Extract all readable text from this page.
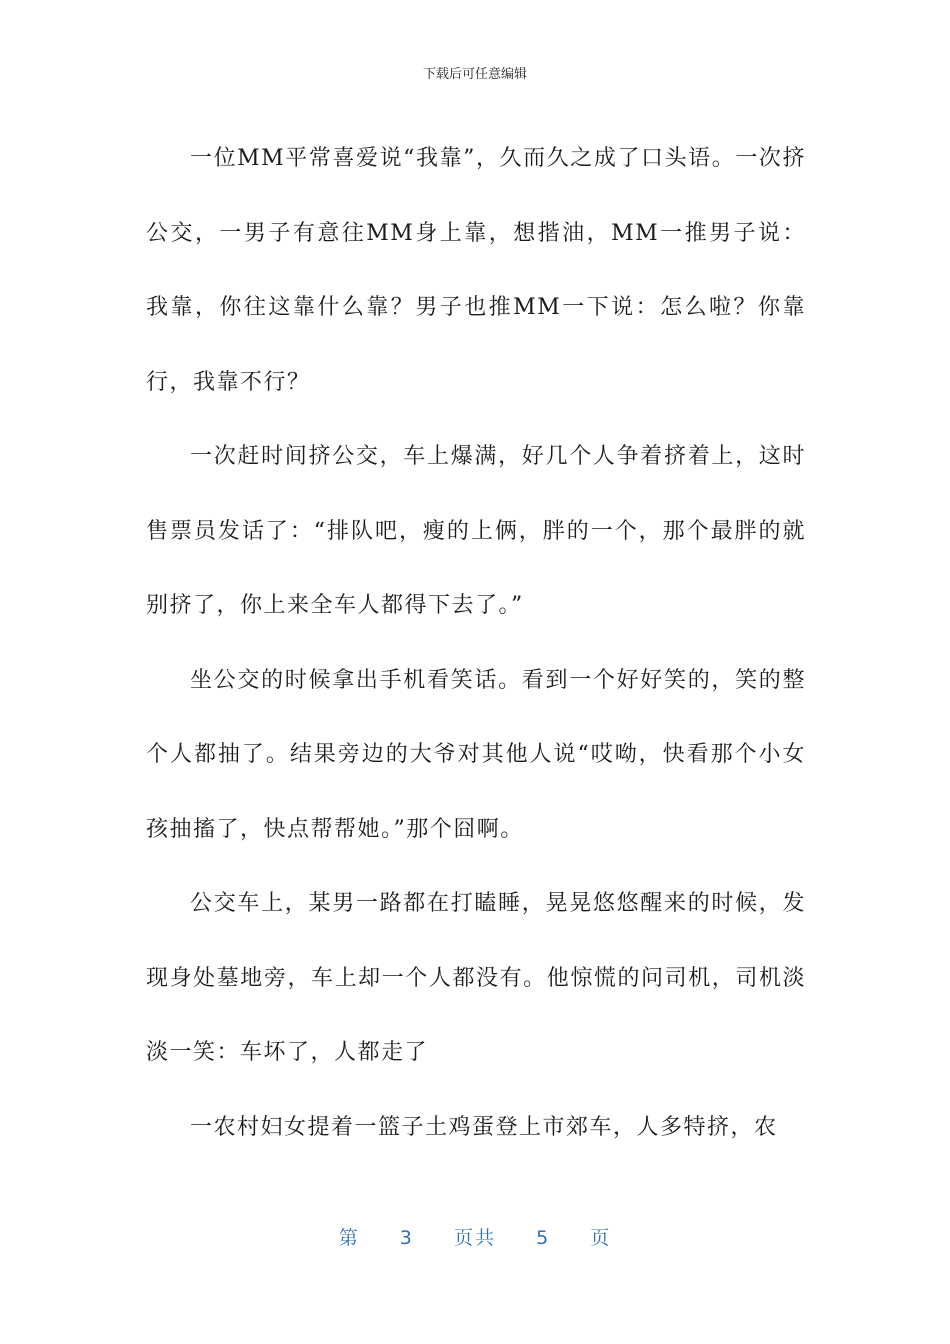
下载后可任意编辑

一位MM平常喜爱说“我靠”，久而久之成了口头语。一次挤公交，一男子有意往MM身上靠，想揩油，MM一推男子说：我靠，你往这靠什么靠？男子也推MM一下说：怎么啦？你靠行，我靠不行？

一次赶时间挤公交，车上爆满，好几个人争着挤着上，这时售票员发话了：“排队吧，瘦的上俩，胖的一个，那个最胖的就别挤了，你上来全车人都得下去了。”

坐公交的时候拿出手机看笑话。看到一个好好笑的，笑的整个人都抽了。结果旁边的大爷对其他人说“哎呦，快看那个小女孩抽搐了，快点帮帮她。”那个囧啊。

公交车上，某男一路都在打瞌睡，晃晃悠悠醒来的时候，发现身处墓地旁，车上却一个人都没有。他惊慌的问司机，司机淡淡一笑：车坏了，人都走了

一农村妇女提着一篮子土鸡蛋登上市郊车，人多特挤，农

第 3 页共 5 页
